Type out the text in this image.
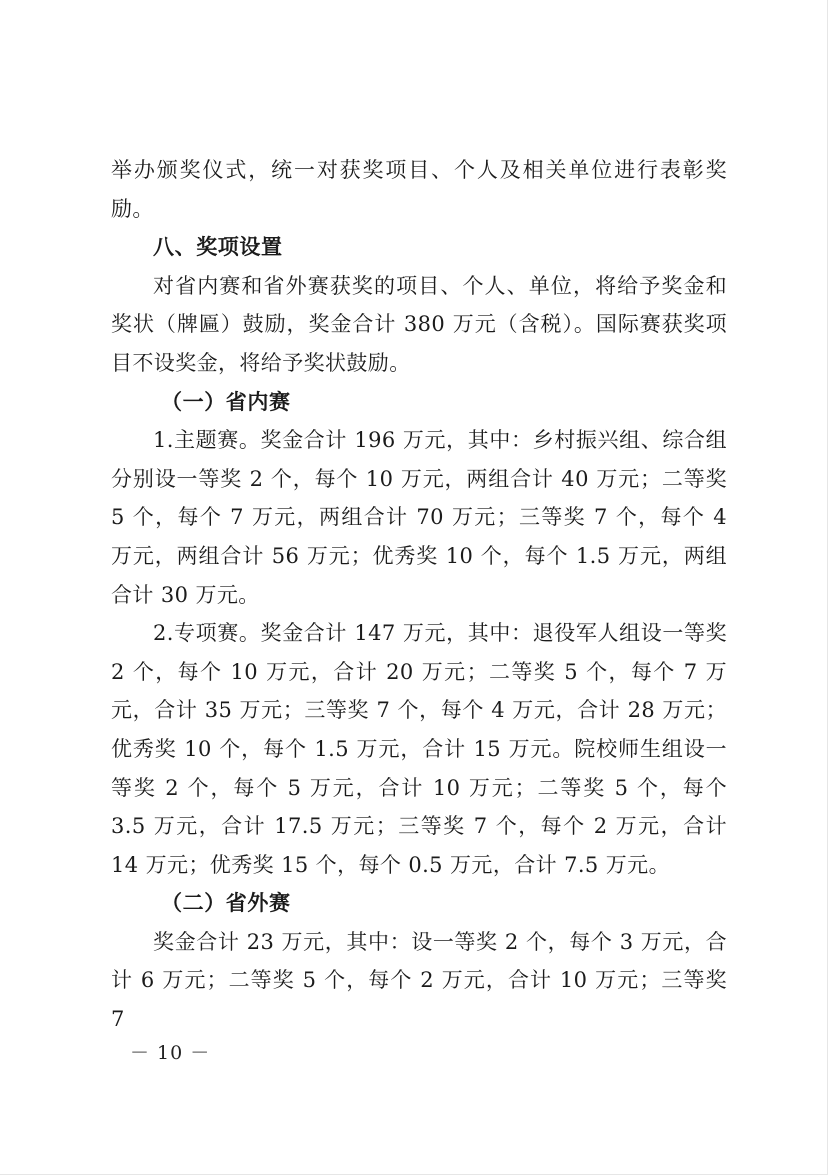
举办颁奖仪式，统一对获奖项目、个人及相关单位进行表彰奖励。

八、奖项设置

对省内赛和省外赛获奖的项目、个人、单位，将给予奖金和奖状（牌匾）鼓励，奖金合计 380 万元（含税）。国际赛获奖项目不设奖金，将给予奖状鼓励。

（一）省内赛

1.主题赛。奖金合计 196 万元，其中：乡村振兴组、综合组分别设一等奖 2 个，每个 10 万元，两组合计 40 万元；二等奖 5 个，每个 7 万元，两组合计 70 万元；三等奖 7 个，每个 4 万元，两组合计 56 万元；优秀奖 10 个，每个 1.5 万元，两组合计 30 万元。

2.专项赛。奖金合计 147 万元，其中：退役军人组设一等奖 2 个，每个 10 万元，合计 20 万元；二等奖 5 个，每个 7 万元，合计 35 万元；三等奖 7 个，每个 4 万元，合计 28 万元；优秀奖 10 个，每个 1.5 万元，合计 15 万元。院校师生组设一等奖 2 个，每个 5 万元，合计 10 万元；二等奖 5 个，每个 3.5 万元，合计 17.5 万元；三等奖 7 个，每个 2 万元，合计 14 万元；优秀奖 15 个，每个 0.5 万元，合计 7.5 万元。

（二）省外赛

奖金合计 23 万元，其中：设一等奖 2 个，每个 3 万元，合计 6 万元；二等奖 5 个，每个 2 万元，合计 10 万元；三等奖 7

－ 10 －
